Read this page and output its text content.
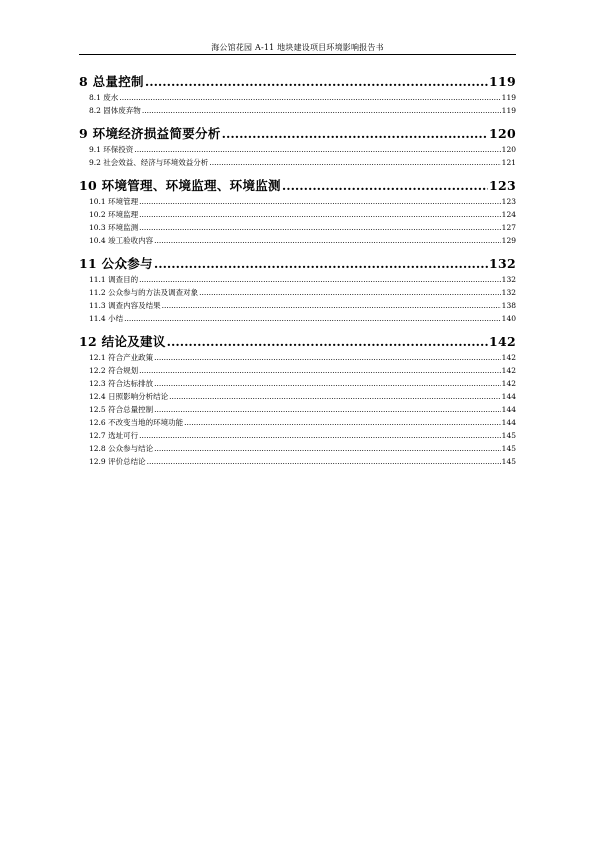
海公馆花园 A-11 地块建设项目环境影响报告书
8 总量控制 .....	119
8.1 废水 .....	119
8.2 固体废弃物 .....	119
9 环境经济损益简要分析 .....	120
9.1 环保投资 .....	120
9.2 社会效益、经济与环境效益分析 .....	121
10 环境管理、环境监理、环境监测 .....	123
10.1 环境管理 .....	123
10.2 环境监理 .....	124
10.3 环境监测 .....	127
10.4 竣工验收内容 .....	129
11 公众参与 .....	132
11.1 调查目的 .....	132
11.2 公众参与的方法及调查对象 .....	132
11.3 调查内容及结果 .....	138
11.4 小结 .....	140
12 结论及建议 .....	142
12.1 符合产业政策 .....	142
12.2 符合规划 .....	142
12.3 符合达标排放 .....	142
12.4 日照影响分析结论 .....	144
12.5 符合总量控制 .....	144
12.6 不改变当地的环境功能 .....	144
12.7 选址可行 .....	145
12.8 公众参与结论 .....	145
12.9 评价总结论 .....	145
